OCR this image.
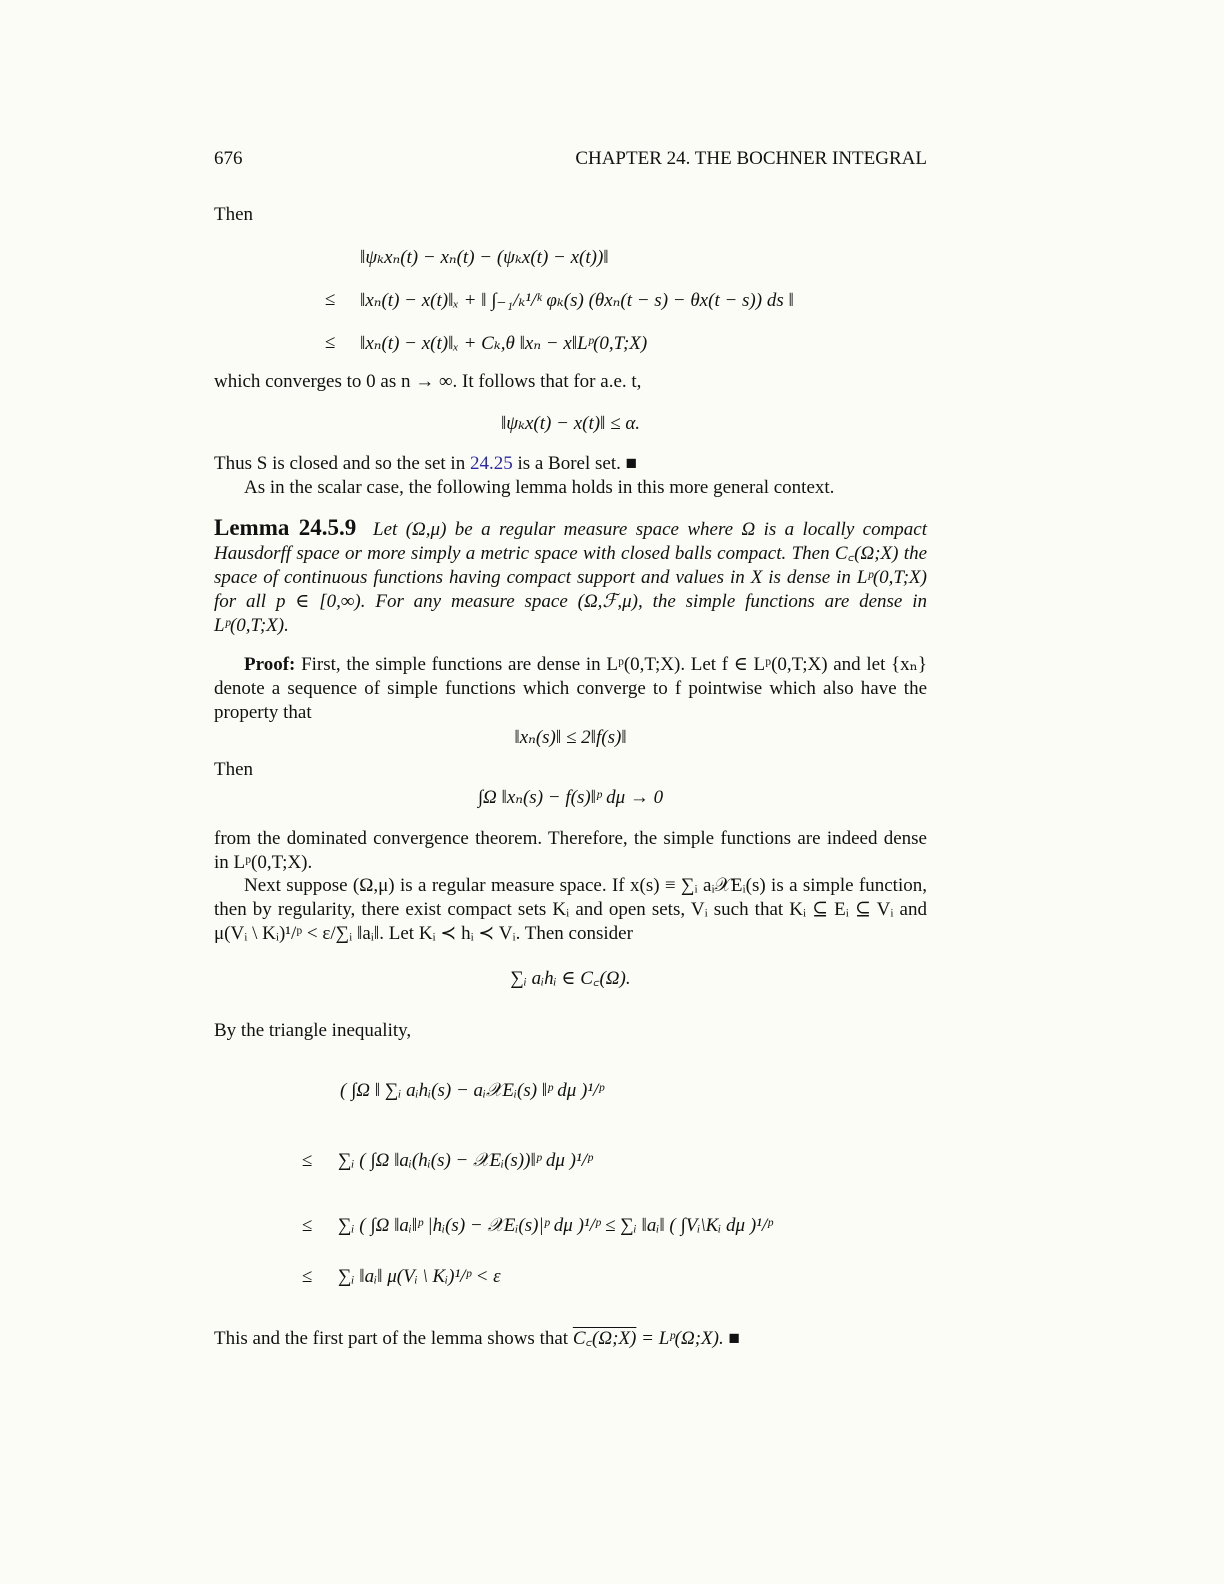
676	CHAPTER 24. THE BOCHNER INTEGRAL
Then
‖ψₖxₙ(t) − xₙ(t) − (ψₖx(t) − x(t))‖
≤ ‖xₙ(t) − x(t)‖ₓ + ‖ ∫₋₁/ₖ¹/ᵏ φₖ(s) (θxₙ(t − s) − θx(t − s)) ds ‖
≤ ‖xₙ(t) − x(t)‖ₓ + Cₖ,θ ‖xₙ − x‖Lᵖ(0,T;X)
which converges to 0 as n → ∞. It follows that for a.e. t,
‖ψₖx(t) − x(t)‖ ≤ α.
Thus S is closed and so the set in 24.25 is a Borel set. ■
As in the scalar case, the following lemma holds in this more general context.
Lemma 24.5.9 Let (Ω,μ) be a regular measure space where Ω is a locally compact Hausdorff space or more simply a metric space with closed balls compact. Then C꜀(Ω;X) the space of continuous functions having compact support and values in X is dense in Lᵖ(0,T;X) for all p ∈ [0,∞). For any measure space (Ω,ℱ,μ), the simple functions are dense in Lᵖ(0,T;X).
Proof: First, the simple functions are dense in Lᵖ(0,T;X). Let f ∈ Lᵖ(0,T;X) and let {xₙ} denote a sequence of simple functions which converge to f pointwise which also have the property that
‖xₙ(s)‖ ≤ 2‖f(s)‖
Then
∫Ω ‖xₙ(s) − f(s)‖ᵖ dμ → 0
from the dominated convergence theorem. Therefore, the simple functions are indeed dense in Lᵖ(0,T;X).
Next suppose (Ω,μ) is a regular measure space. If x(s) ≡ ∑ᵢ aᵢ𝒳Eᵢ(s) is a simple function, then by regularity, there exist compact sets Kᵢ and open sets, Vᵢ such that Kᵢ ⊆ Eᵢ ⊆ Vᵢ and μ(Vᵢ \ Kᵢ)¹/ᵖ < ε/∑ᵢ ‖aᵢ‖. Let Kᵢ ≺ hᵢ ≺ Vᵢ. Then consider
∑ᵢ aᵢhᵢ ∈ C꜀(Ω).
By the triangle inequality,
( ∫Ω ‖ ∑ᵢ aᵢhᵢ(s) − aᵢ𝒳Eᵢ(s) ‖ᵖ dμ )¹/ᵖ
≤ ∑ᵢ ( ∫Ω ‖aᵢ(hᵢ(s) − 𝒳Eᵢ(s))‖ᵖ dμ )¹/ᵖ
≤ ∑ᵢ ( ∫Ω ‖aᵢ‖ᵖ |hᵢ(s) − 𝒳Eᵢ(s)|ᵖ dμ )¹/ᵖ ≤ ∑ᵢ ‖aᵢ‖ ( ∫Vᵢ\Kᵢ dμ )¹/ᵖ
≤ ∑ᵢ ‖aᵢ‖ μ(Vᵢ \ Kᵢ)¹/ᵖ < ε
This and the first part of the lemma shows that C꜀(Ω;X) = Lᵖ(Ω;X). ■
